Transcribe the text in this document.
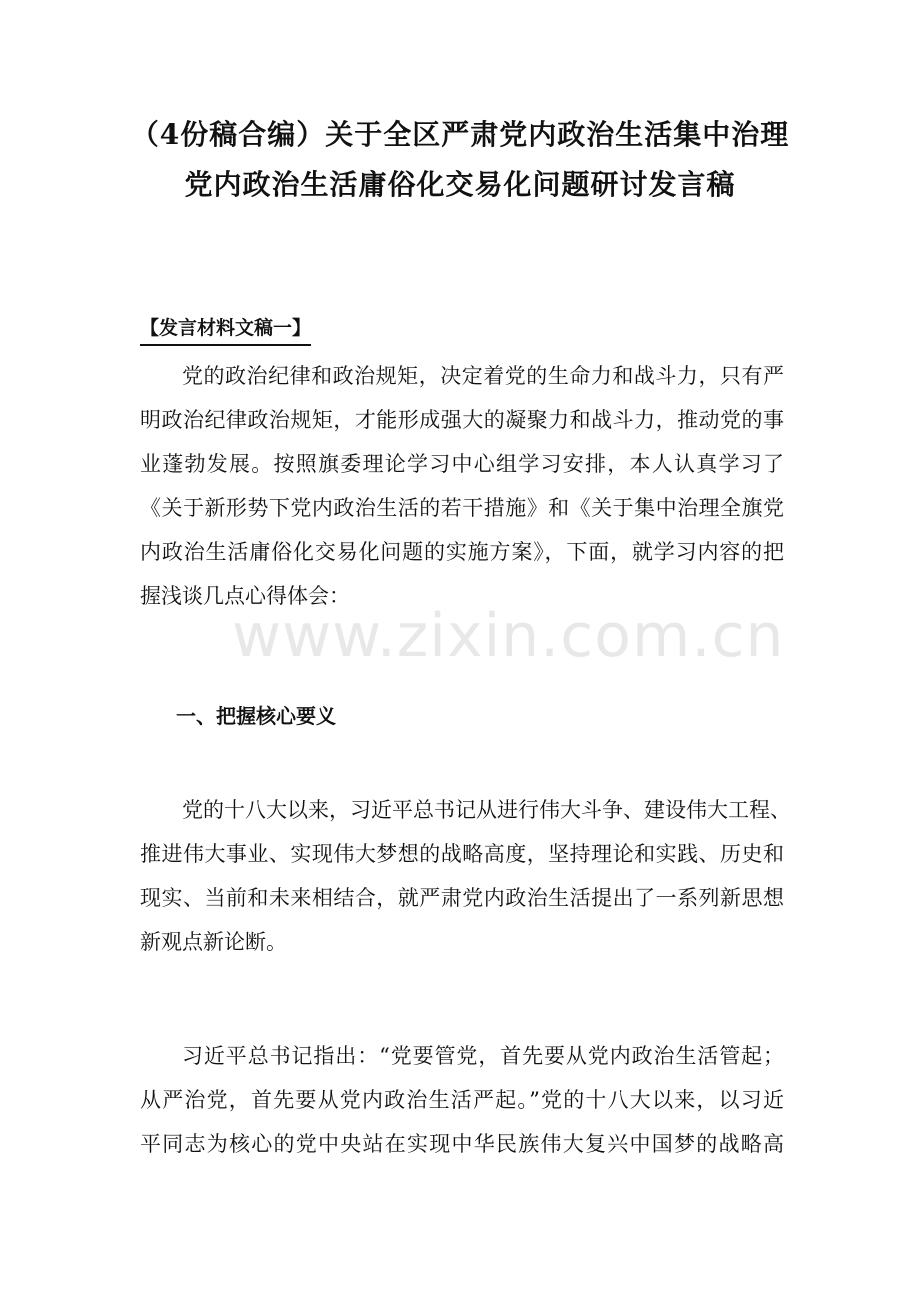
（4份稿合编）关于全区严肃党内政治生活集中治理
党内政治生活庸俗化交易化问题研讨发言稿
【发言材料文稿一】
党的政治纪律和政治规矩，决定着党的生命力和战斗力，只有严
明政治纪律政治规矩，才能形成强大的凝聚力和战斗力，推动党的事
业蓬勃发展。按照旗委理论学习中心组学习安排，本人认真学习了
《关于新形势下党内政治生活的若干措施》和《关于集中治理全旗党
内政治生活庸俗化交易化问题的实施方案》，下面，就学习内容的把
握浅谈几点心得体会：
一、把握核心要义
党的十八大以来，习近平总书记从进行伟大斗争、建设伟大工程、
推进伟大事业、实现伟大梦想的战略高度，坚持理论和实践、历史和
现实、当前和未来相结合，就严肃党内政治生活提出了一系列新思想
新观点新论断。
习近平总书记指出：“党要管党，首先要从党内政治生活管起；
从严治党，首先要从党内政治生活严起。”党的十八大以来，以习近
平同志为核心的党中央站在实现中华民族伟大复兴中国梦的战略高
www.zixin.com.cn
